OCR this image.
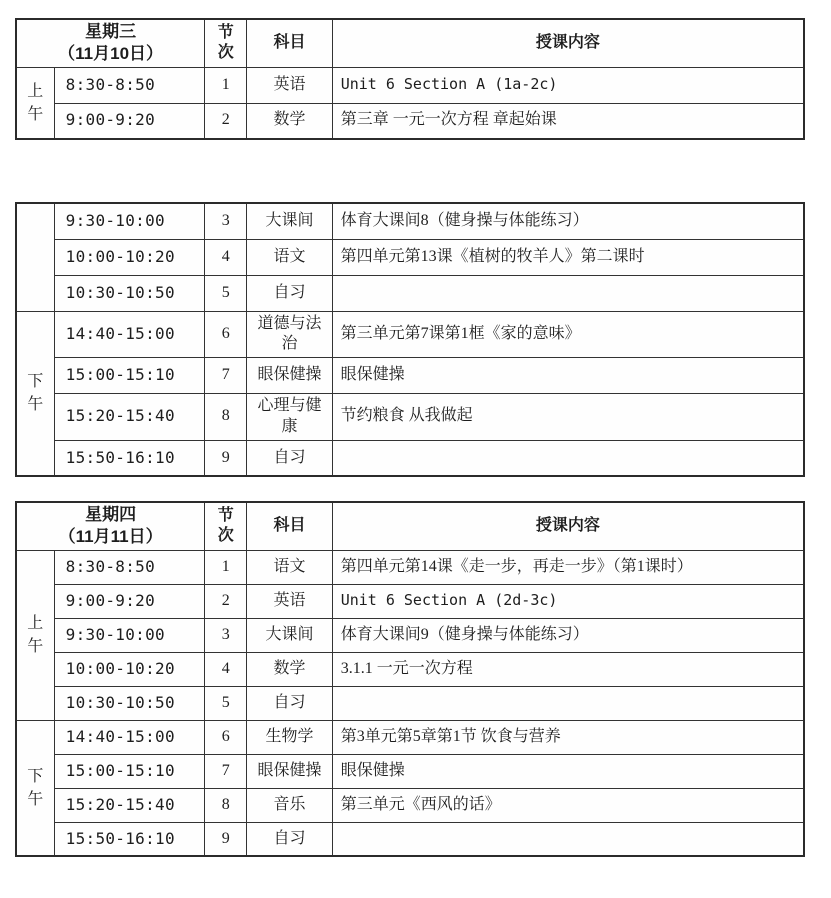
星期三
（11月10日）		节次	科目	授课内容

上午	8:30-8:50	1	英语	Unit 6 Section A (1a-2c)
	9:00-9:20	2	数学	第三章 一元一次方程 章起始课
	9:30-10:00	3	大课间	体育大课间8（健身操与体能练习）
	10:00-10:20	4	语文	第四单元第13课《植树的牧羊人》第二课时
	10:30-10:50	5	自习	

下午	14:40-15:00	6	道德与法治	第三单元第7课第1框《家的意味》
	15:00-15:10	7	眼保健操	眼保健操
	15:20-15:40	8	心理与健康	节约粮食 从我做起
	15:50-16:10	9	自习	
星期四
（11月11日）		节次	科目	授课内容

上午	8:30-8:50	1	语文	第四单元第14课《走一步，再走一步》（第1课时）
	9:00-9:20	2	英语	Unit 6 Section A (2d-3c)
	9:30-10:00	3	大课间	体育大课间9（健身操与体能练习）
	10:00-10:20	4	数学	3.1.1 一元一次方程
	10:30-10:50	5	自习	

下午	14:40-15:00	6	生物学	第3单元第5章第1节 饮食与营养
	15:00-15:10	7	眼保健操	眼保健操
	15:20-15:40	8	音乐	第三单元《西风的话》
	15:50-16:10	9	自习	
